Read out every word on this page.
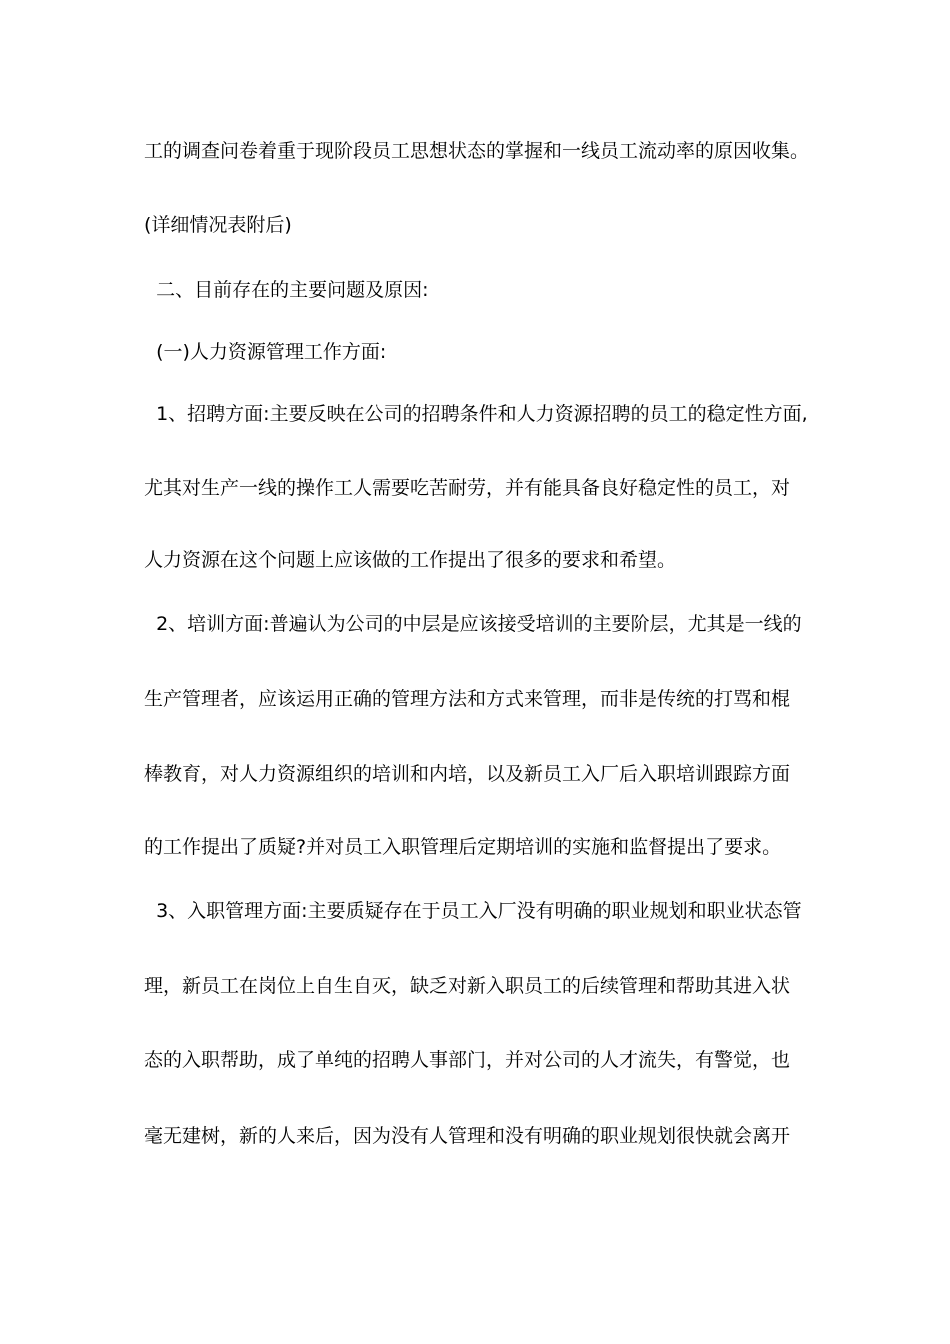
工的调查问卷着重于现阶段员工思想状态的掌握和一线员工流动率的原因收集。
(详细情况表附后)
二、目前存在的主要问题及原因:
(一)人力资源管理工作方面:
1、招聘方面:主要反映在公司的招聘条件和人力资源招聘的员工的稳定性方面,
尤其对生产一线的操作工人需要吃苦耐劳，并有能具备良好稳定性的员工，对
人力资源在这个问题上应该做的工作提出了很多的要求和希望。
2、培训方面:普遍认为公司的中层是应该接受培训的主要阶层，尤其是一线的
生产管理者，应该运用正确的管理方法和方式来管理，而非是传统的打骂和棍
棒教育，对人力资源组织的培训和内培，以及新员工入厂后入职培训跟踪方面
的工作提出了质疑?并对员工入职管理后定期培训的实施和监督提出了要求。
3、入职管理方面:主要质疑存在于员工入厂没有明确的职业规划和职业状态管
理，新员工在岗位上自生自灭，缺乏对新入职员工的后续管理和帮助其进入状
态的入职帮助，成了单纯的招聘人事部门，并对公司的人才流失，有警觉，也
毫无建树，新的人来后，因为没有人管理和没有明确的职业规划很快就会离开
